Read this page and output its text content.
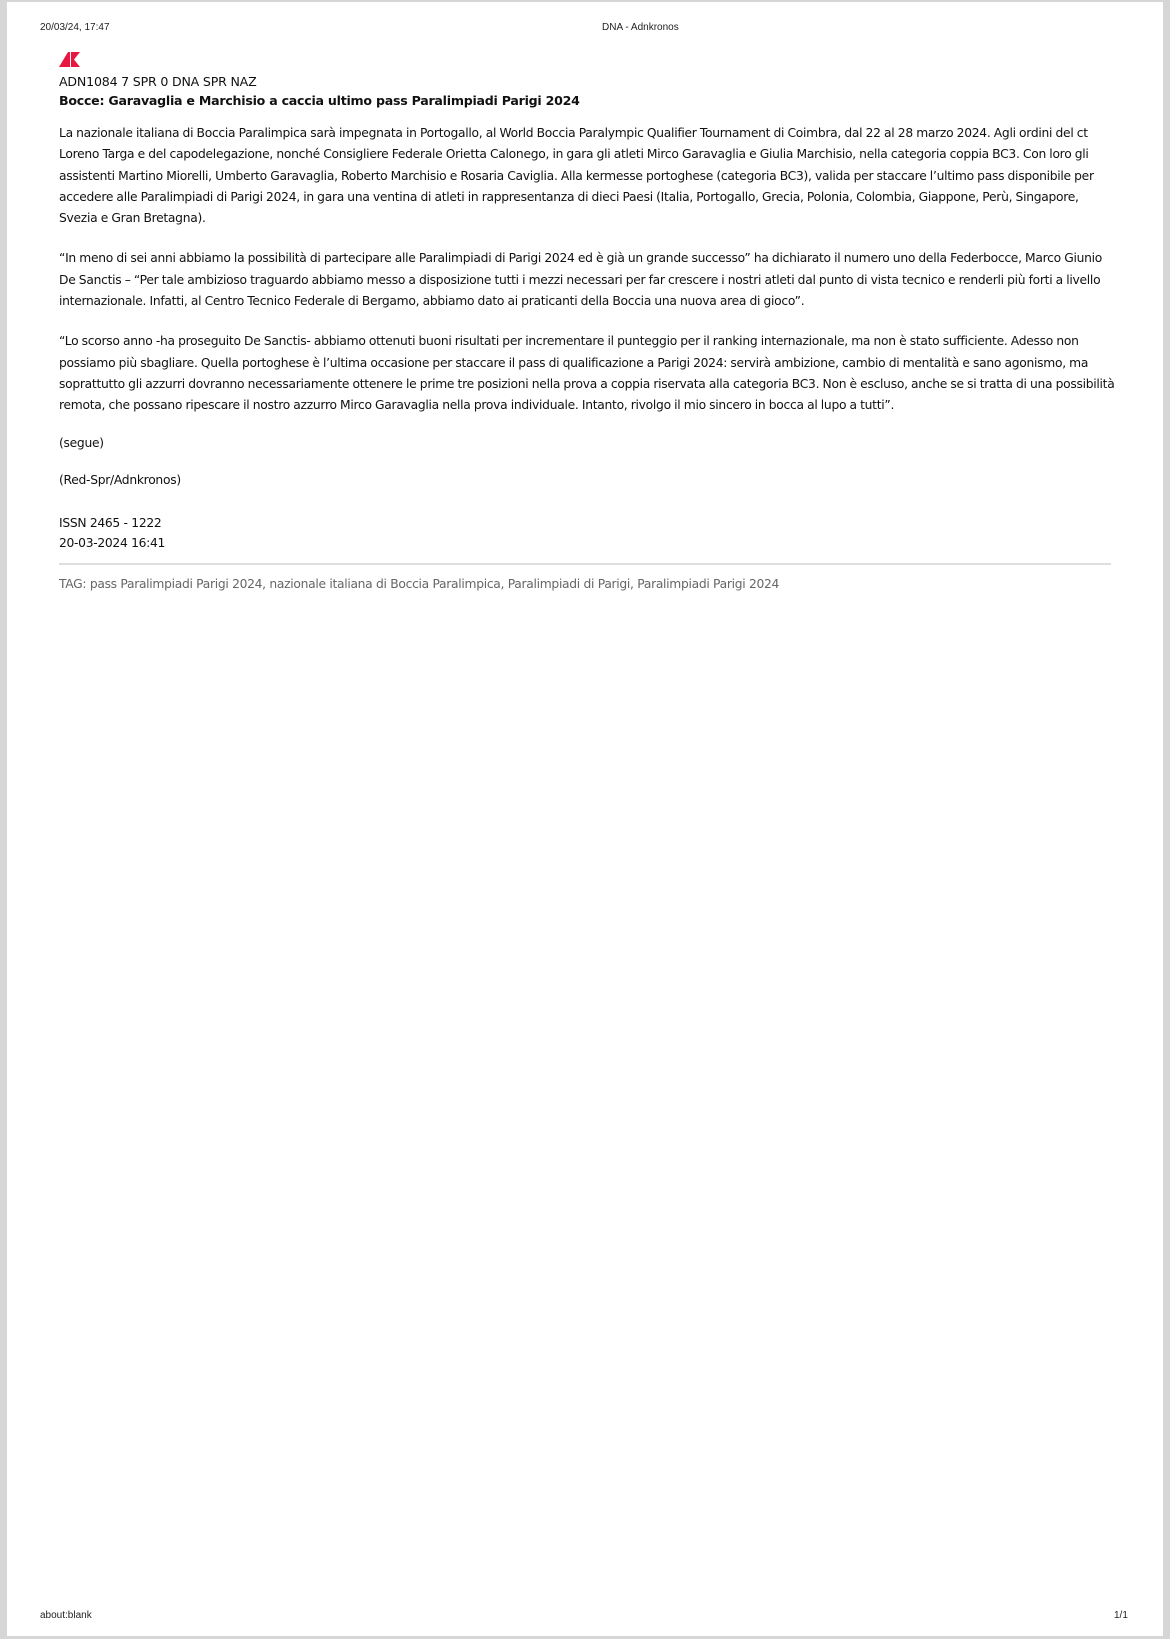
20/03/24, 17:47	DNA - Adnkronos
ADN1084 7 SPR 0 DNA SPR NAZ
Bocce: Garavaglia e Marchisio a caccia ultimo pass Paralimpiadi Parigi 2024

La nazionale italiana di Boccia Paralimpica sarà impegnata in Portogallo, al World Boccia Paralympic Qualifier Tournament di Coimbra, dal 22 al 28 marzo 2024. Agli ordini del ct Loreno Targa e del capodelegazione, nonché Consigliere Federale Orietta Calonego, in gara gli atleti Mirco Garavaglia e Giulia Marchisio, nella categoria coppia BC3. Con loro gli assistenti Martino Miorelli, Umberto Garavaglia, Roberto Marchisio e Rosaria Caviglia. Alla kermesse portoghese (categoria BC3), valida per staccare l’ultimo pass disponibile per accedere alle Paralimpiadi di Parigi 2024, in gara una ventina di atleti in rappresentanza di dieci Paesi (Italia, Portogallo, Grecia, Polonia, Colombia, Giappone, Perù, Singapore, Svezia e Gran Bretagna).

“In meno di sei anni abbiamo la possibilità di partecipare alle Paralimpiadi di Parigi 2024 ed è già un grande successo” ha dichiarato il numero uno della Federbocce, Marco Giunio De Sanctis – “Per tale ambizioso traguardo abbiamo messo a disposizione tutti i mezzi necessari per far crescere i nostri atleti dal punto di vista tecnico e renderli più forti a livello internazionale. Infatti, al Centro Tecnico Federale di Bergamo, abbiamo dato ai praticanti della Boccia una nuova area di gioco”.

“Lo scorso anno -ha proseguito De Sanctis- abbiamo ottenuti buoni risultati per incrementare il punteggio per il ranking internazionale, ma non è stato sufficiente. Adesso non possiamo più sbagliare. Quella portoghese è l’ultima occasione per staccare il pass di qualificazione a Parigi 2024: servirà ambizione, cambio di mentalità e sano agonismo, ma soprattutto gli azzurri dovranno necessariamente ottenere le prime tre posizioni nella prova a coppia riservata alla categoria BC3. Non è escluso, anche se si tratta di una possibilità remota, che possano ripescare il nostro azzurro Mirco Garavaglia nella prova individuale. Intanto, rivolgo il mio sincero in bocca al lupo a tutti”.

(segue)

(Red-Spr/Adnkronos)

ISSN 2465 - 1222
20-03-2024 16:41
TAG: pass Paralimpiadi Parigi 2024, nazionale italiana di Boccia Paralimpica, Paralimpiadi di Parigi, Paralimpiadi Parigi 2024
about:blank	1/1
